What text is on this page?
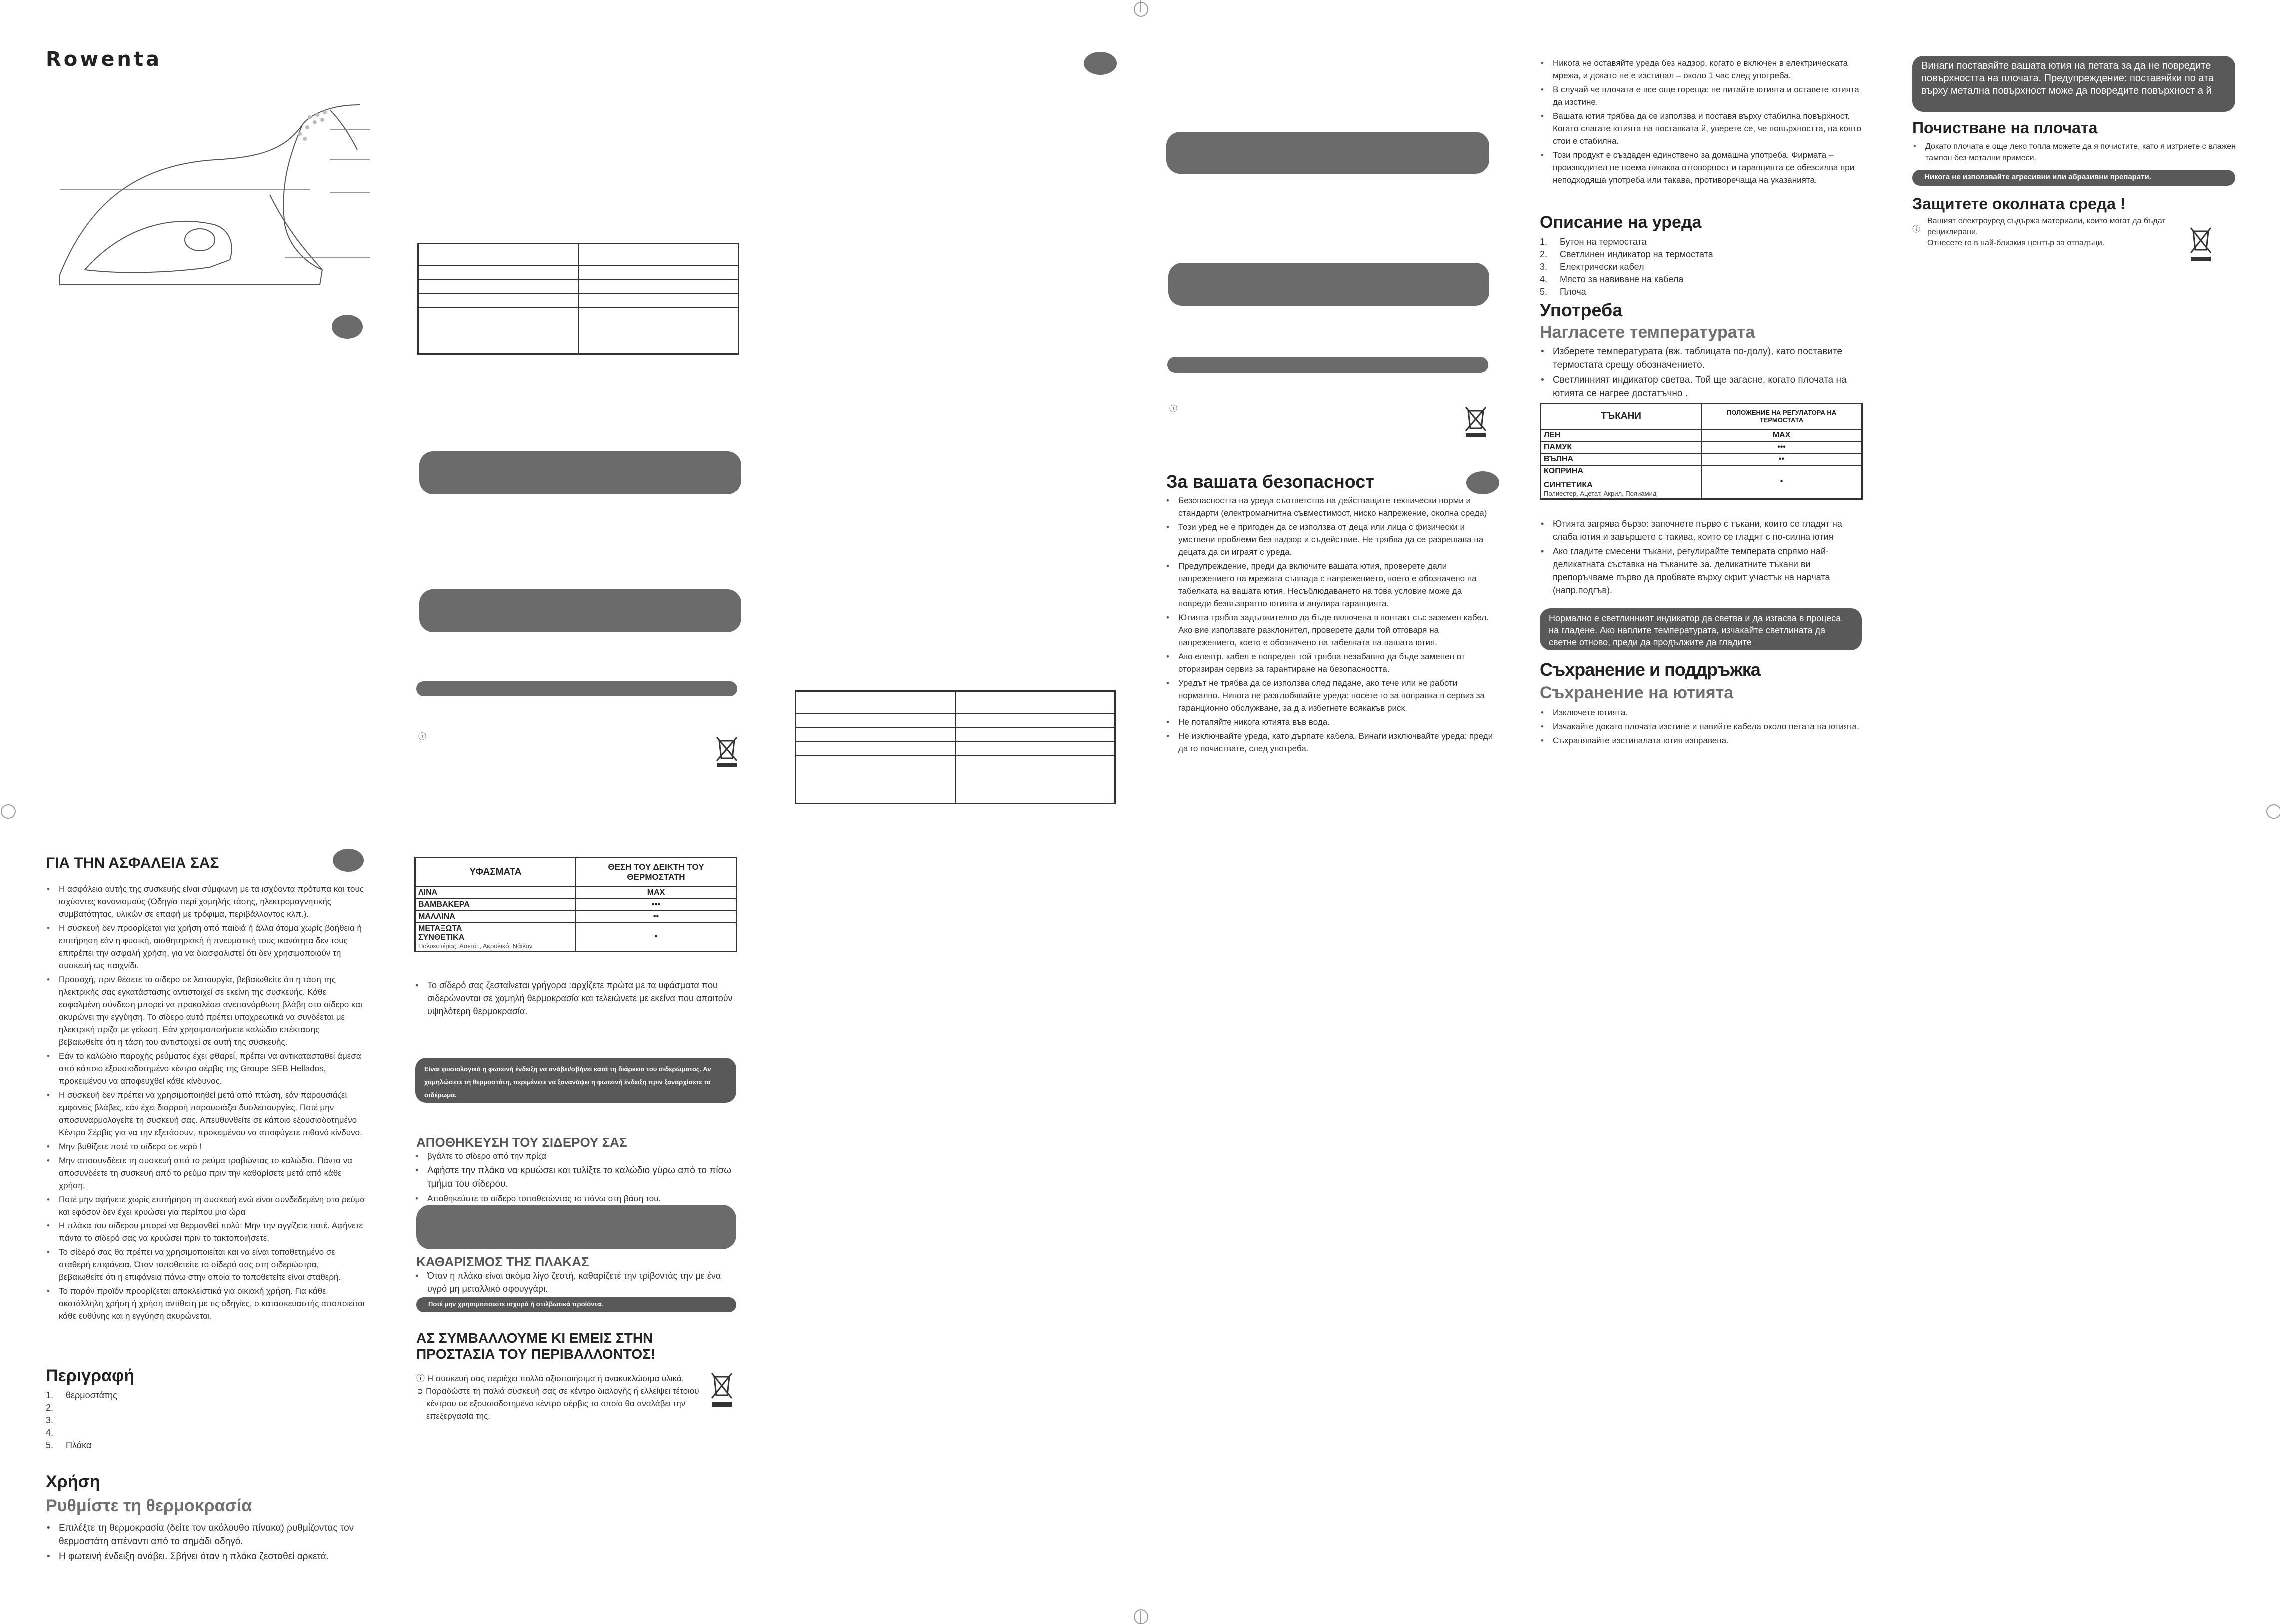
Rowenta

ⓘ

ⓘ
За вашата безопасност
• Безопасността на уреда съответства на действащите технически норми и стандарти (електромагнитна съвместимост, ниско напрежение, околна среда)
• Този уред не е пригоден да се използва от деца или лица с физически и умствени проблеми без надзор и съдействие. Не трябва да се разрешава на децата да си играят с уреда.
• Предупреждение, преди да включите вашата ютия, проверете дали напрежението на мрежата съвпада с напрежението, което е обозначено на табелката на вашата ютия. Несъблюдаването на това условие може да повреди безвъзвратно ютията и анулира гаранцията.
• Ютията трябва задължително да бъде включена в контакт със заземен кабел. Ако вие използвате разклонител, проверете дали той отговаря на напрежението, което е обозначено на табелката на вашата ютия.
• Ако електр. кабел е повреден той трябва незабавно да бъде заменен от оторизиран сервиз за гарантиране на безопасността.
• Уредът не трябва да се използва след падане, ако тече или не работи нормално. Никога не разглобявайте уреда: носете го за поправка в сервиз за гаранционно обслужване, за д а избегнете всякакъв риск.
• Не потапяйте никога ютията във вода.
• Не изключвайте уреда, като дърпате кабела. Винаги изключвайте уреда: преди да го почиствате, след употреба.
• Никога не оставяйте уреда без надзор, когато е включен в електрическата мрежа, и докато не е изстинал – около 1 час след употреба.
• В случай че плочата е все още гореща: не питайте ютията и оставете ютията да изстине.
• Вашата ютия трябва да се използва и поставя върху стабилна повърхност. Когато слагате ютията на поставката й, уверете се, че повърхността, на която стои е стабилна.
• Този продукт е създаден единствено за домашна употреба. Фирмата – производител не поема никаква отговорност и гаранцията се обезсилва при неподходяща употреба или такава, противоречаща на указанията.
Описание на уреда
1. Бутон на термостата
2. Светлинен индикатор на термостата
3. Електрически кабел
4. Място за навиване на кабела
5. Плоча
Употреба
Нагласете температурата
• Изберете температурата (вж. таблицата по-долу), като поставите термостата срещу обозначението.
• Светлинният индикатор светва. Той ще загасне, когато плочата на ютията се нагрее достатъчно .
ТЪКАНИ	ПОЛОЖЕНИЕ НА РЕГУЛАТОРА НА ТЕРМОСТАТА
ЛЕН	MAX
ПАМУК	•••
ВЪЛНА	••

КОПРИНА
СИНТЕТИКА
Полиестер, Ацетат, Акрил, Полиамид	•
• Ютията загрява бързо: започнете първо с тъкани, които се гладят на слаба ютия и завършете с такива, които се гладят с по-силна ютия
• Ако гладите смесени тъкани, регулирайте температа спрямо най-деликатната съставка на тъканите за. деликатните тъкани ви препоръчваме първо да пробвате върху скрит участък на нарчата (напр.подгъв).
Нормално е светлинният индикатор да светва и да изгасва в процеса на гладене. Ако наплите температурата, изчакайте светлината да светне отново, преди да продължите да гладите
Съхранение и поддръжка
Съхранение на ютията
• Изключете ютията.
• Изчакайте докато плочата изстине и навийте кабела около петата на ютията.
• Съхранявайте изстиналата ютия изправена.
Винаги поставяйте вашата ютия на петата за да не повредите повърхността на плочата. Предупреждение: поставяйки по ата върху метална повърхност може да повредите повърхност а й
Почистване на плочата
• Докато плочата е още леко топла можете да я почистите, като я изтриете с влажен тампон без метални примеси.
Никога не използвайте агресивни или абразивни препарати.
Защитете околната среда !
ⓘ
Вашият електроуред съдържа материали, които могат да бъдат рециклирани.
Отнесете го в най-близкия център за отпадъци.
ΓΙΑ ΤΗΝ ΑΣΦΑΛΕΙΑ ΣΑΣ
• Η ασφάλεια αυτής της συσκευής είναι σύμφωνη με τα ισχύοντα πρότυπα και τους ισχύοντες κανονισμούς (Οδηγία περί χαμηλής τάσης, ηλεκτρομαγνητικής συμβατότητας, υλικών σε επαφή με τρόφιμα, περιβάλλοντος κλπ.).
• Η συσκευή δεν προορίζεται για χρήση από παιδιά ή άλλα άτομα χωρίς βοήθεια ή επιτήρηση εάν η φυσική, αισθητηριακή ή πνευματική τους ικανότητα δεν τους επιτρέπει την ασφαλή χρήση, για να διασφαλιστεί ότι δεν χρησιμοποιούν τη συσκευή ως παιχνίδι.
• Προσοχή, πριν θέσετε το σίδερο σε λειτουργία, βεβαιωθείτε ότι η τάση της ηλεκτρικής σας εγκατάστασης αντιστοιχεί σε εκείνη της συσκευής. Κάθε εσφαλμένη σύνδεση μπορεί να προκαλέσει ανεπανόρθωτη βλάβη στο σίδερο και ακυρώνει την εγγύηση. Το σίδερο αυτό πρέπει υποχρεωτικά να συνδέεται με ηλεκτρική πρίζα με γείωση. Εάν χρησιμοποιήσετε καλώδιο επέκτασης βεβαιωθείτε ότι η τάση του αντιστοιχεί σε αυτή της συσκευής.
• Εάν το καλώδιο παροχής ρεύματος έχει φθαρεί, πρέπει να αντικατασταθεί άμεσα από κάποιο εξουσιοδοτημένο κέντρο σέρβις της Groupe SEB Hellados, προκειμένου να αποφευχθεί κάθε κίνδυνος.
• Η συσκευή δεν πρέπει να χρησιμοποιηθεί μετά από πτώση, εάν παρουσιάζει εμφανείς βλάβες, εάν έχει διαρροή παρουσιάζει δυσλειτουργίες. Ποτέ μην αποσυναρμολογείτε τη συσκευή σας. Απευθυνθείτε σε κάποιο εξουσιοδοτημένο Κέντρο Σέρβις για να την εξετάσουν, προκειμένου να αποφύγετε πιθανό κίνδυνο.
• Μην βυθίζετε ποτέ το σίδερο σε νερό !
• Μην αποσυνδέετε τη συσκευή από το ρεύμα τραβώντας το καλώδιο. Πάντα να αποσυνδέετε τη συσκευή από το ρεύμα πριν την καθαρίσετε μετά από κάθε χρήση.
• Ποτέ μην αφήνετε χωρίς επιτήρηση τη συσκευή ενώ είναι συνδεδεμένη στο ρεύμα και εφόσον δεν έχει κρυώσει για περίπου μια ώρα
• Η πλάκα του σίδερου μπορεί να θερμανθεί πολύ: Μην την αγγίζετε ποτέ. Αφήνετε πάντα το σίδερό σας να κρυώσει πριν το τακτοποιήσετε.
• Το σίδερό σας θα πρέπει να χρησιμοποιείται και να είναι τοποθετημένο σε σταθερή επιφάνεια. Όταν τοποθετείτε το σίδερό σας στη σιδερώστρα, βεβαιωθείτε ότι η επιφάνεια πάνω στην οποία το τοποθετείτε είναι σταθερή.
• Το παρόν προϊόν προορίζεται αποκλειστικά για οικιακή χρήση. Για κάθε ακατάλληλη χρήση ή χρήση αντίθετη με τις οδηγίες, ο κατασκευαστής αποποιείται κάθε ευθύνης και η εγγύηση ακυρώνεται.
Περιγραφή
1. θερμοστάτης
2.
3.
4.
5. Πλάκα
Χρήση
Ρυθμίστε τη θερμοκρασία
• Επιλέξτε τη θερμοκρασία (δείτε τον ακόλουθο πίνακα) ρυθμίζοντας τον θερμοστάτη απέναντι από το σημάδι οδηγό.
• Η φωτεινή ένδειξη ανάβει. Σβήνει όταν η πλάκα ζεσταθεί αρκετά.
ΥΦΑΣΜΑΤΑ	ΘΕΣΗ ΤΟΥ ΔΕΙΚΤΗ ΤΟΥ ΘΕΡΜΟΣΤΑΤΗ
ΛΙΝΑ	MAX
ΒΑΜΒΑΚΕΡΑ	•••
ΜΑΛΛΙΝΑ	••

ΜΕΤΑΞΩΤΑ
ΣΥΝΘΕΤΙΚΑ
Πολυεστέρας, Ασετάτ, Ακρυλικό, Νάϊλον	•
• Το σίδερό σας ζεσταίνεται γρήγορα :αρχίζετε πρώτα με τα υφάσματα που σιδερώνονται σε χαμηλή θερμοκρασία και τελειώνετε με εκείνα που απαιτούν υψηλότερη θερμοκρασία.
Είναι φυσιολογικό η φωτεινή ένδειξη να ανάβει/σβήνει κατά τη διάρκεια του σιδερώματος. Αν χαμηλώσετε τη θερμοστάτη, περιμένετε να ξανανάψει η φωτεινή ένδειξη πριν ξαναρχίσετε το σιδέρωμα.
ΑΠΟΘΗΚΕΥΣΗ ΤΟΥ ΣΙΔΕΡΟΥ ΣΑΣ
• βγάλτε το σίδερο από την πρίζα
• Αφήστε την πλάκα να κρυώσει και τυλίξτε το καλώδιο γύρω από το πίσω τμήμα του σίδερου.
• Αποθηκεύστε το σίδερο τοποθετώντας το πάνω στη βάση του.
ΚΑΘΑΡΙΣΜΟΣ ΤΗΣ ΠΛΑΚΑΣ
• Όταν η πλάκα είναι ακόμα λίγο ζεστή, καθαρίζετέ την τρίβοντάς την με ένα υγρό μη μεταλλικό σφουγγάρι.
Ποτέ μην χρησιμοποιείτε ισχυρά ή στιλβωτικά προϊόντα.
ΑΣ ΣΥΜΒΑΛΛΟΥΜΕ ΚΙ ΕΜΕΙΣ ΣΤΗΝ
ΠΡΟΣΤΑΣΙΑ ΤΟΥ ΠΕΡΙΒΑΛΛΟΝΤΟΣ!
ⓘ Η συσκευή σας περιέχει πολλά αξιοποιήσιμα ή ανακυκλώσιμα υλικά.
➲ Παραδώστε τη παλιά συσκευή σας σε κέντρο διαλογής ή ελλείψει τέτοιου κέντρου σε εξουσιοδοτημένο κέντρο σέρβις το οποίο θα αναλάβει την επεξεργασία της.
